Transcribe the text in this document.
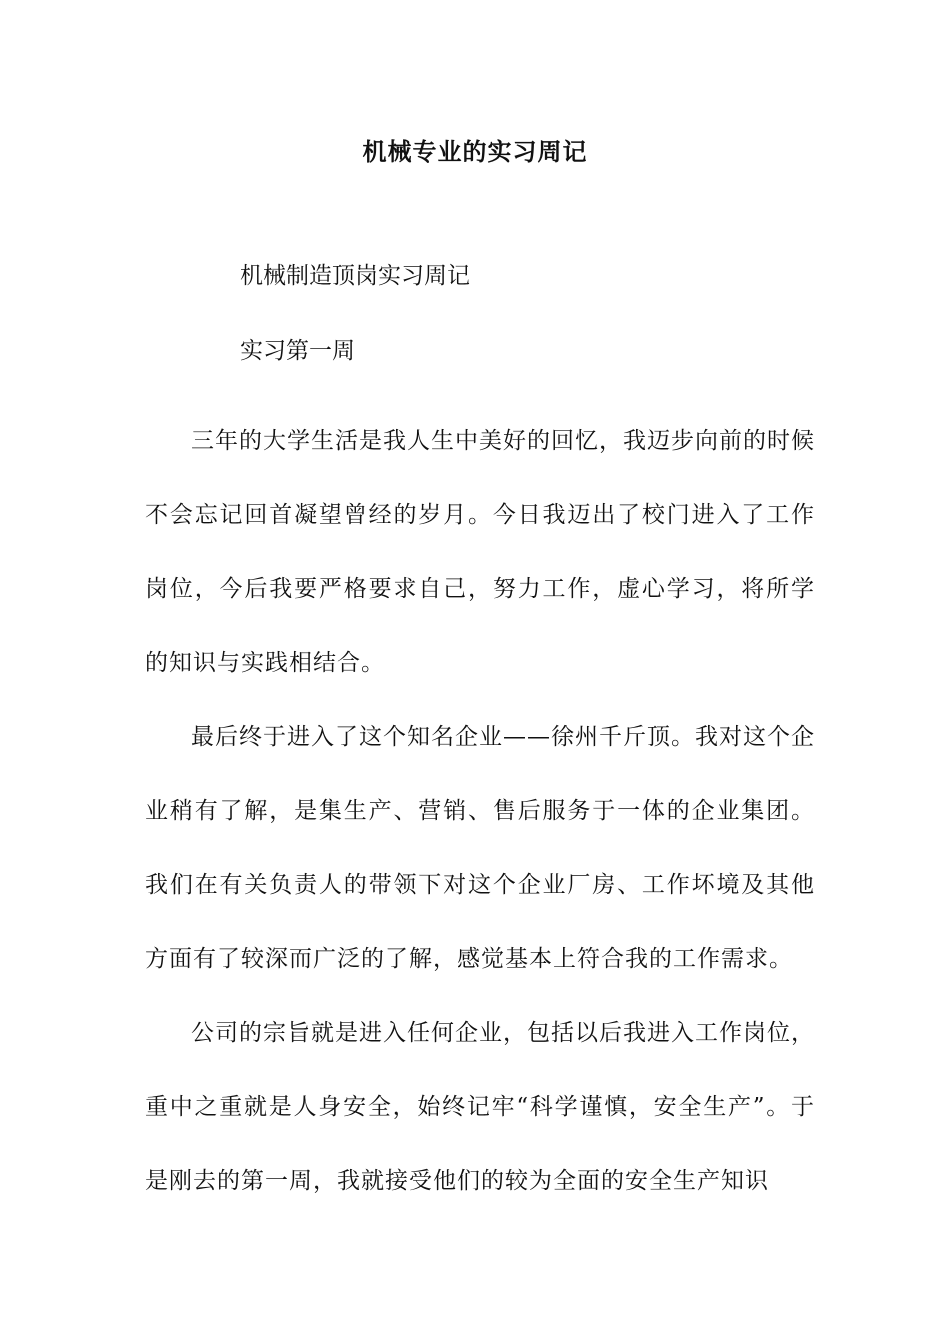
机械专业的实习周记
机械制造顶岗实习周记
实习第一周

三年的大学生活是我人生中美好的回忆，我迈步向前的时候不会忘记回首凝望曾经的岁月。今日我迈出了校门进入了工作岗位，今后我要严格要求自己，努力工作，虚心学习，将所学的知识与实践相结合。

最后终于进入了这个知名企业——徐州千斤顶。我对这个企业稍有了解，是集生产、营销、售后服务于一体的企业集团。我们在有关负责人的带领下对这个企业厂房、工作坏境及其他方面有了较深而广泛的了解，感觉基本上符合我的工作需求。

公司的宗旨就是进入任何企业，包括以后我进入工作岗位，重中之重就是人身安全，始终记牢“科学谨慎，安全生产”。于是刚去的第一周，我就接受他们的较为全面的安全生产知识
